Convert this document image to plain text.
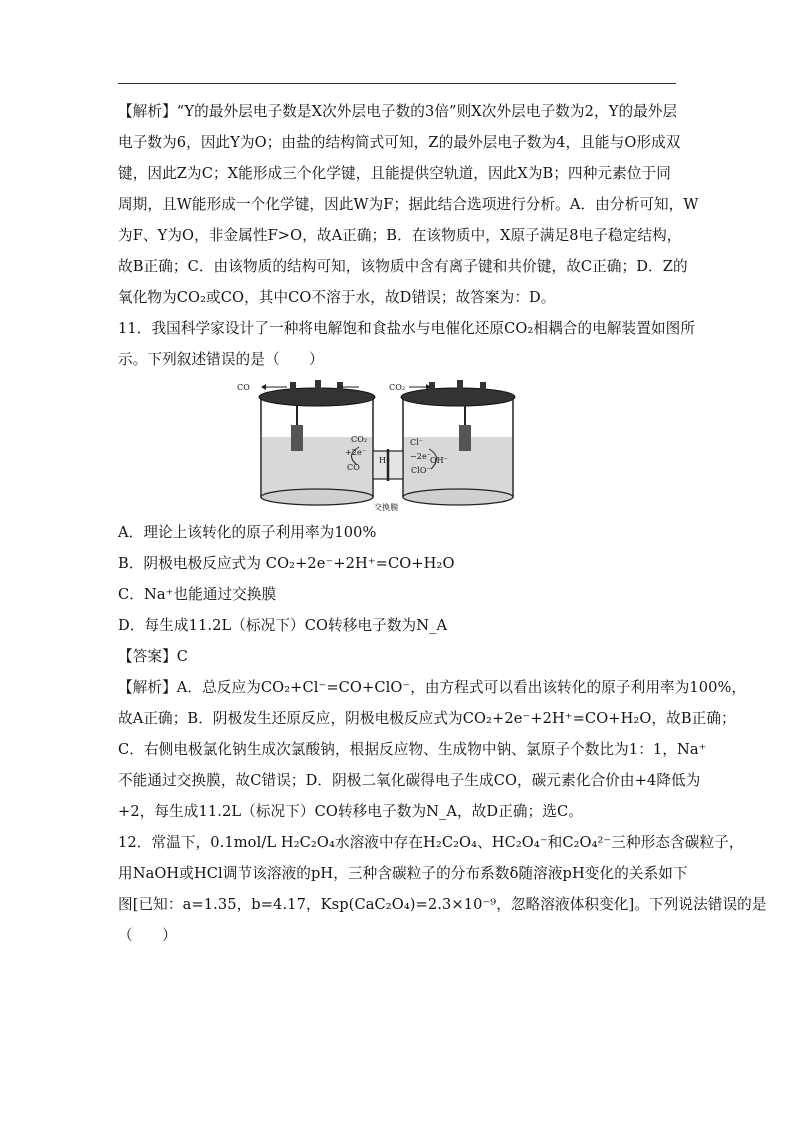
【解析】“Y的最外层电子数是X次外层电子数的3倍”则X次外层电子数为2，Y的最外层
电子数为6，因此Y为O；由盐的结构简式可知，Z的最外层电子数为4，且能与O形成双
键，因此Z为C；X能形成三个化学键，且能提供空轨道，因此X为B；四种元素位于同
周期，且W能形成一个化学键，因此W为F；据此结合选项进行分析。A．由分析可知，W
为F、Y为O，非金属性F>O，故A正确；B．在该物质中，X原子满足8电子稳定结构，
故B正确；C．由该物质的结构可知，该物质中含有离子键和共价键，故C正确；D．Z的
氧化物为CO₂或CO，其中CO不溶于水，故D错误；故答案为：D。
11．我国科学家设计了一种将电解饱和食盐水与电催化还原CO₂相耦合的电解装置如图所
示。下列叙述错误的是（　　）
CO	CO₂
CO₂
+2e⁻
CO
H⁺
Cl⁻
−2e⁻
OH⁻
ClO⁻
交换膜
A．理论上该转化的原子利用率为100%
B．阴极电极反应式为 CO₂+2e⁻+2H⁺=CO+H₂O
C．Na⁺也能通过交换膜
D．每生成11.2L（标况下）CO转移电子数为N_A
【答案】C
【解析】A．总反应为CO₂+Cl⁻=CO+ClO⁻，由方程式可以看出该转化的原子利用率为100%，
故A正确；B．阴极发生还原反应，阴极电极反应式为CO₂+2e⁻+2H⁺=CO+H₂O，故B正确；
C．右侧电极氯化钠生成次氯酸钠，根据反应物、生成物中钠、氯原子个数比为1：1，Na⁺
不能通过交换膜，故C错误；D．阴极二氧化碳得电子生成CO，碳元素化合价由+4降低为
+2，每生成11.2L（标况下）CO转移电子数为N_A，故D正确；选C。
12．常温下，0.1mol/L H₂C₂O₄水溶液中存在H₂C₂O₄、HC₂O₄⁻和C₂O₄²⁻三种形态含碳粒子，
用NaOH或HCl调节该溶液的pH，三种含碳粒子的分布系数δ随溶液pH变化的关系如下
图[已知：a=1.35，b=4.17，Ksp(CaC₂O₄)=2.3×10⁻⁹，忽略溶液体积变化]。下列说法错误的是
（　　）
